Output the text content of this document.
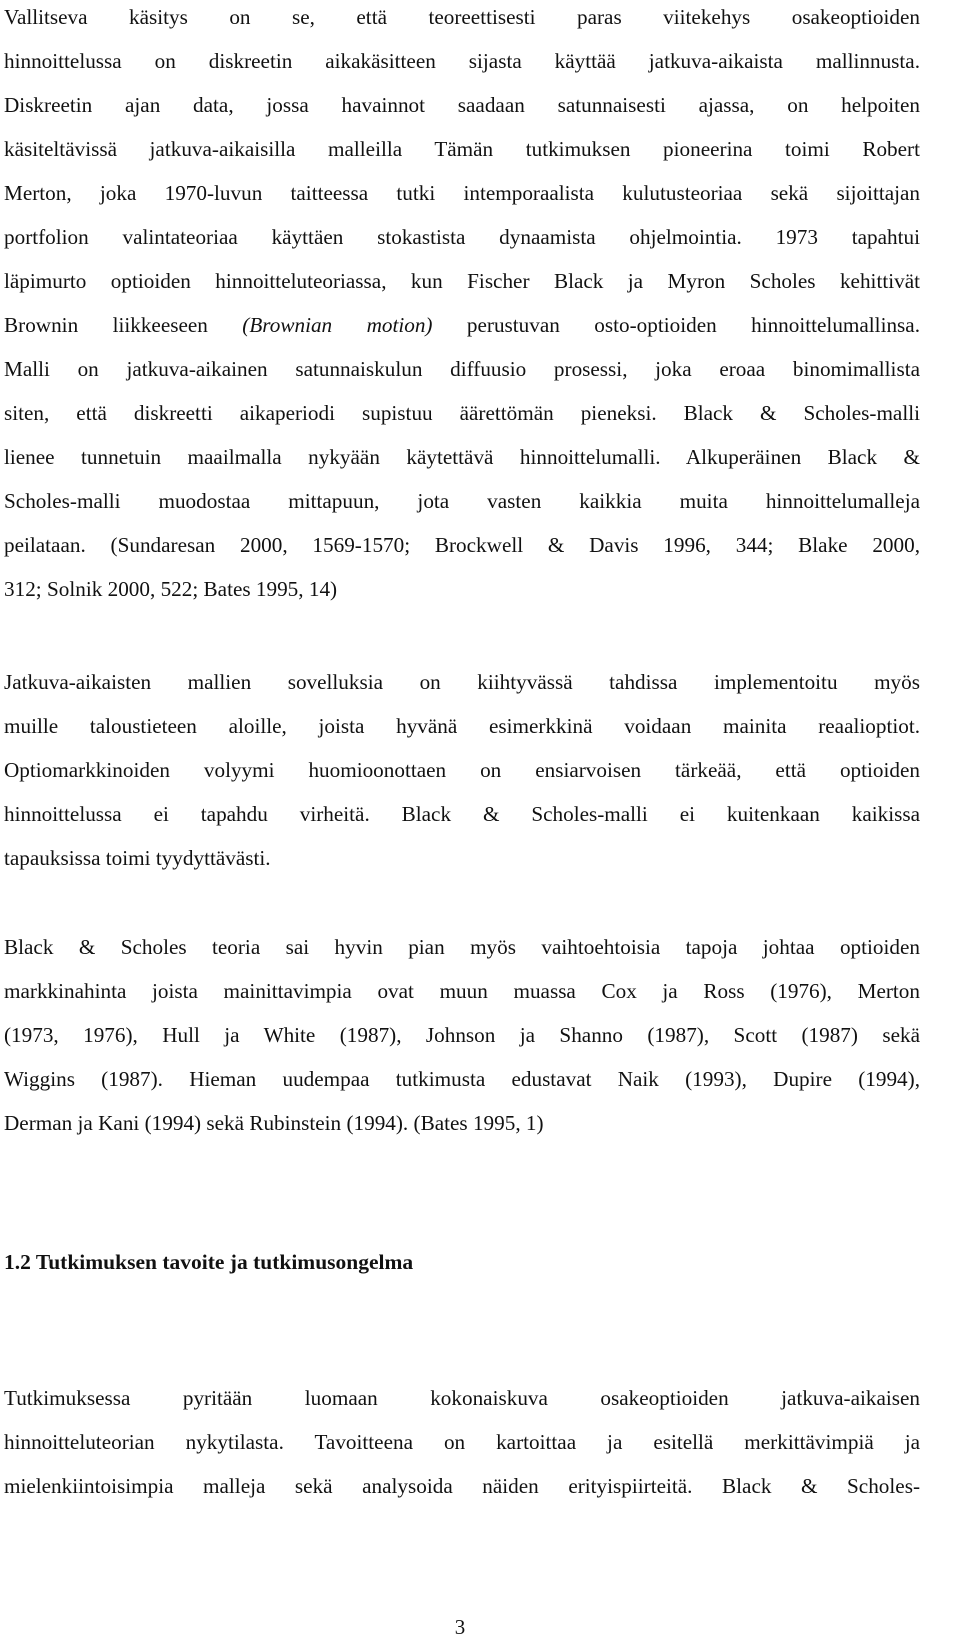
Vallitseva käsitys on se, että teoreettisesti paras viitekehys osakeoptioiden

hinnoittelussa on diskreetin aikakäsitteen sijasta käyttää jatkuva-aikaista mallinnusta.

Diskreetin ajan data, jossa havainnot saadaan satunnaisesti ajassa, on helpoiten

käsiteltävissä jatkuva-aikaisilla malleilla Tämän tutkimuksen pioneerina toimi Robert

Merton, joka 1970-luvun taitteessa tutki intemporaalista kulutusteoriaa sekä sijoittajan

portfolion valintateoriaa käyttäen stokastista dynaamista ohjelmointia. 1973 tapahtui

läpimurto optioiden hinnoitteluteoriassa, kun Fischer Black ja Myron Scholes kehittivät

Brownin liikkeeseen (Brownian motion) perustuvan osto-optioiden hinnoittelumallinsa.

Malli on jatkuva-aikainen satunnaiskulun diffuusio prosessi, joka eroaa binomimallista

siten, että diskreetti aikaperiodi supistuu äärettömän pieneksi. Black & Scholes-malli

lienee tunnetuin maailmalla nykyään käytettävä hinnoittelumalli. Alkuperäinen Black &

Scholes-malli muodostaa mittapuun, jota vasten kaikkia muita hinnoittelumalleja

peilataan. (Sundaresan 2000, 1569-1570; Brockwell & Davis 1996, 344; Blake 2000,

312; Solnik 2000, 522; Bates 1995, 14)

Jatkuva-aikaisten mallien sovelluksia on kiihtyvässä tahdissa implementoitu myös

muille taloustieteen aloille, joista hyvänä esimerkkinä voidaan mainita reaalioptiot.

Optiomarkkinoiden volyymi huomioonottaen on ensiarvoisen tärkeää, että optioiden

hinnoittelussa ei tapahdu virheitä. Black & Scholes-malli ei kuitenkaan kaikissa

tapauksissa toimi tyydyttävästi.

Black & Scholes teoria sai hyvin pian myös vaihtoehtoisia tapoja johtaa optioiden

markkinahinta joista mainittavimpia ovat muun muassa Cox ja Ross (1976), Merton

(1973, 1976), Hull ja White (1987), Johnson ja Shanno (1987), Scott (1987) sekä

Wiggins (1987). Hieman uudempaa tutkimusta edustavat Naik (1993), Dupire (1994),

Derman ja Kani (1994) sekä Rubinstein (1994). (Bates 1995, 1)

1.2 Tutkimuksen tavoite ja tutkimusongelma

Tutkimuksessa pyritään luomaan kokonaiskuva osakeoptioiden jatkuva-aikaisen

hinnoitteluteorian nykytilasta. Tavoitteena on kartoittaa ja esitellä merkittävimpiä ja

mielenkiintoisimpia malleja sekä analysoida näiden erityispiirteitä. Black & Scholes-

3
